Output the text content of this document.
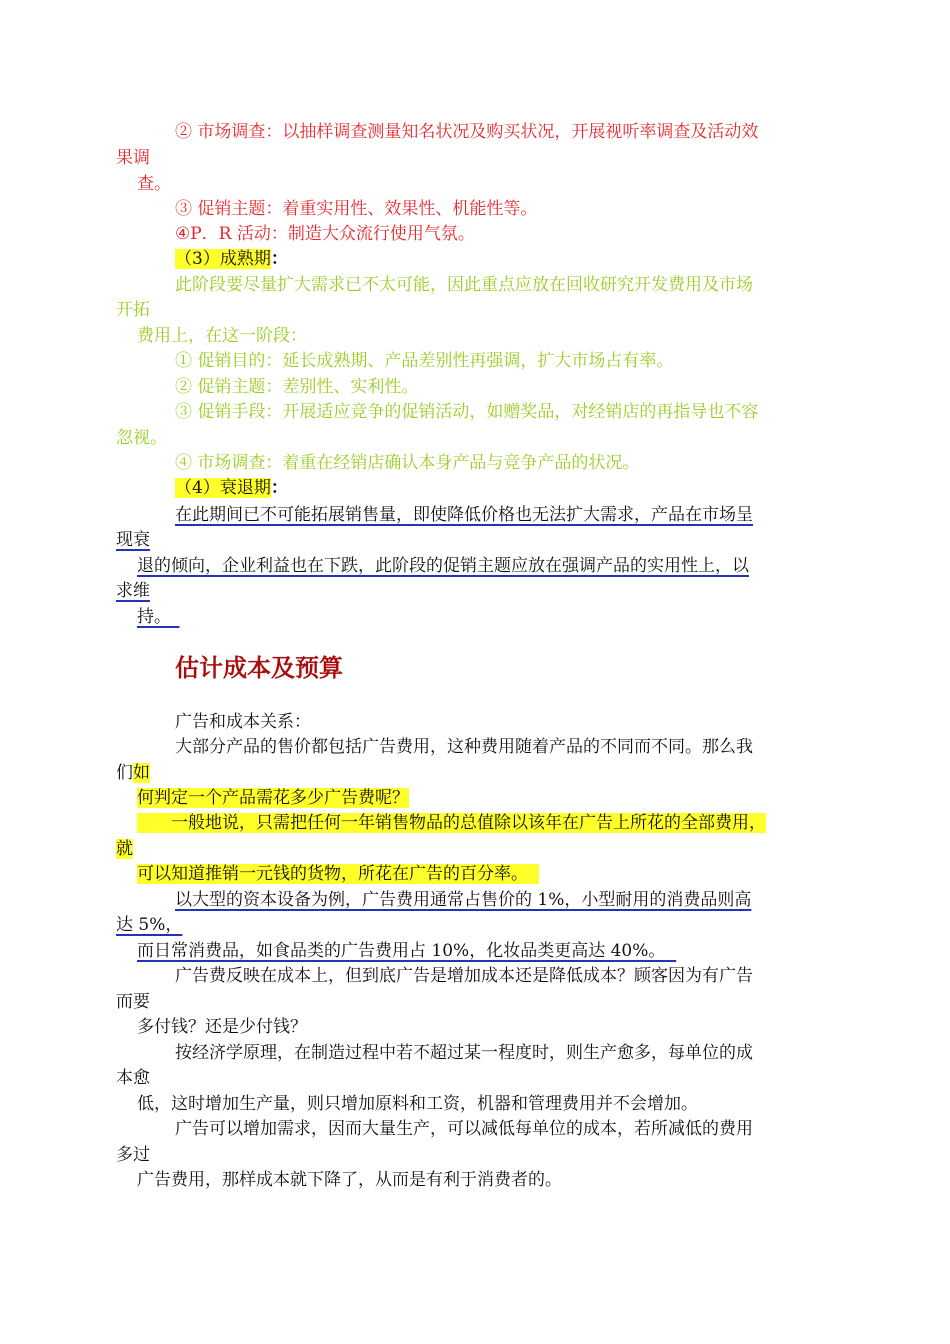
② 市场调查：以抽样调查测量知名状况及购买状况，开展视听率调查及活动效
果调
查。
③ 促销主题：着重实用性、效果性、机能性等。
④P．R 活动：制造大众流行使用气氛。
（3）成熟期：
此阶段要尽量扩大需求已不太可能，因此重点应放在回收研究开发费用及市场
开拓
费用上，在这一阶段：
① 促销目的：延长成熟期、产品差别性再强调，扩大市场占有率。
② 促销主题：差别性、实利性。
③ 促销手段：开展适应竞争的促销活动，如赠奖品，对经销店的再指导也不容
忽视。
④ 市场调查：着重在经销店确认本身产品与竞争产品的状况。
（4）衰退期：
在此期间已不可能拓展销售量，即使降低价格也无法扩大需求，产品在市场呈
现衰
退的倾向，企业利益也在下跌，此阶段的促销主题应放在强调产品的实用性上，以
求维
持。　
估计成本及预算
广告和成本关系：
大部分产品的售价都包括广告费用，这种费用随着产品的不同而不同。那么我
们如
何判定一个产品需花多少广告费呢？
　　一般地说，只需把任何一年销售物品的总值除以该年在广告上所花的全部费用，
就
可以知道推销一元钱的货物，所花在广告的百分率。 
以大型的资本设备为例，广告费用通常占售价的 1%，小型耐用的消费品则高
达 5%，
而日常消费品，如食品类的广告费用占 10%，化妆品类更高达 40%。 
广告费反映在成本上，但到底广告是增加成本还是降低成本？顾客因为有广告
而要
多付钱？还是少付钱？
按经济学原理，在制造过程中若不超过某一程度时，则生产愈多，每单位的成
本愈
低，这时增加生产量，则只增加原料和工资，机器和管理费用并不会增加。
广告可以增加需求，因而大量生产，可以减低每单位的成本，若所减低的费用
多过
广告费用，那样成本就下降了，从而是有利于消费者的。
